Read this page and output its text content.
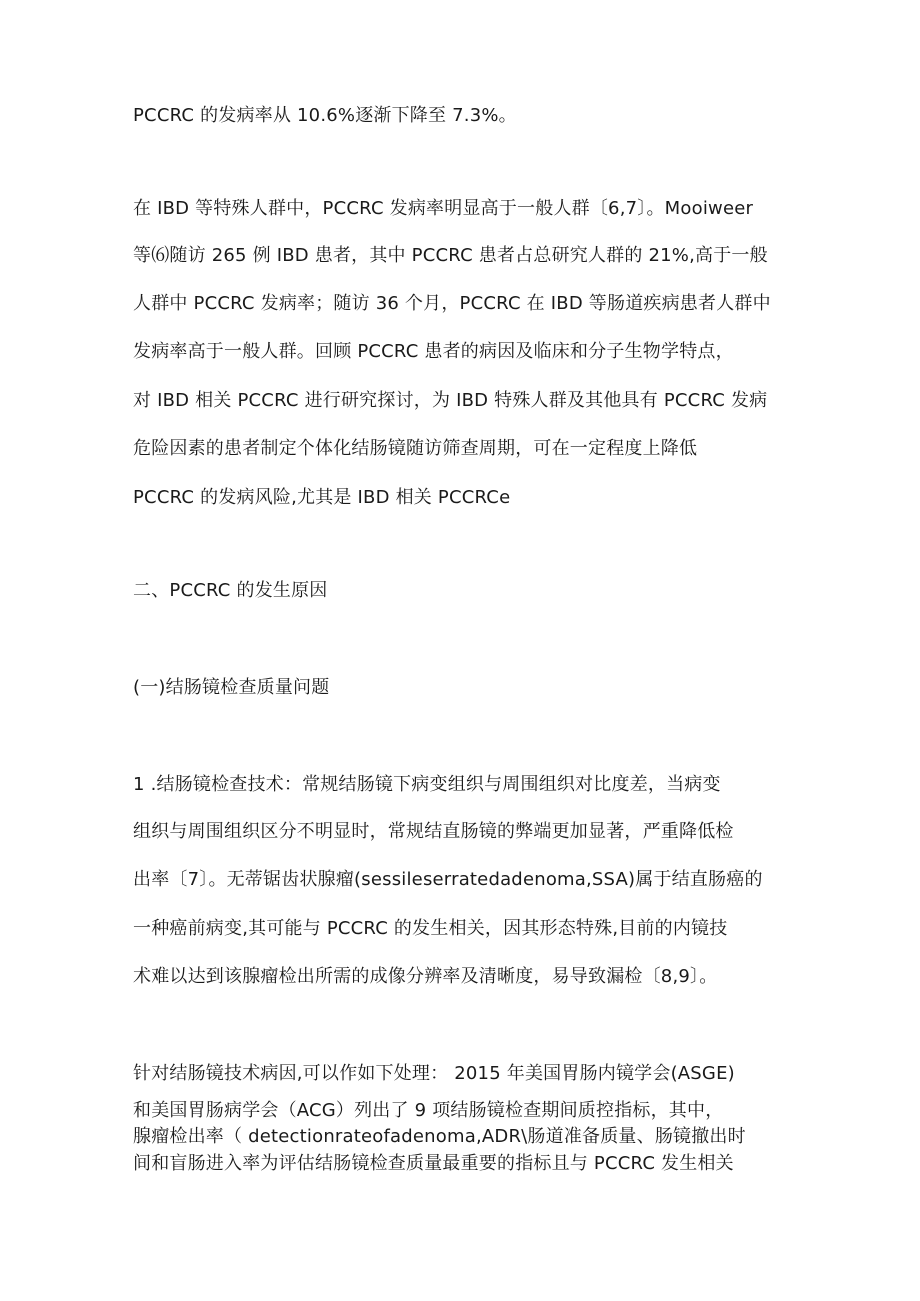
PCCRC 的发病率从 10.6%逐渐下降至 7.3%。
在 IBD 等特殊人群中，PCCRC 发病率明显高于一般人群〔6,7〕。Mooiweer
等⑹随访 265 例 IBD 患者，其中 PCCRC 患者占总研究人群的 21%,高于一般
人群中 PCCRC 发病率；随访 36 个月，PCCRC 在 IBD 等肠道疾病患者人群中
发病率高于一般人群。回顾 PCCRC 患者的病因及临床和分子生物学特点，
对 IBD 相关 PCCRC 进行研究探讨，为 IBD 特殊人群及其他具有 PCCRC 发病
危险因素的患者制定个体化结肠镜随访筛查周期，可在一定程度上降低
PCCRC 的发病风险,尤其是 IBD 相关 PCCRCe
二、PCCRC 的发生原因
(一)结肠镜检查质量问题
1 .结肠镜检查技术：常规结肠镜下病变组织与周围组织对比度差，当病变
组织与周围组织区分不明显时，常规结直肠镜的弊端更加显著，严重降低检
出率〔7〕。无蒂锯齿状腺瘤(sessileserratedadenoma,SSA)属于结直肠癌的
一种癌前病变,其可能与 PCCRC 的发生相关，因其形态特殊,目前的内镜技
术难以达到该腺瘤检出所需的成像分辨率及清晰度，易导致漏检〔8,9〕。
针对结肠镜技术病因,可以作如下处理： 2015 年美国胃肠内镜学会(ASGE)
和美国胃肠病学会（ACG）列出了 9 项结肠镜检查期间质控指标，其中，
腺瘤检出率（ detectionrateofadenoma,ADR\肠道准备质量、肠镜撤出时
间和盲肠进入率为评估结肠镜检查质量最重要的指标且与 PCCRC 发生相关
